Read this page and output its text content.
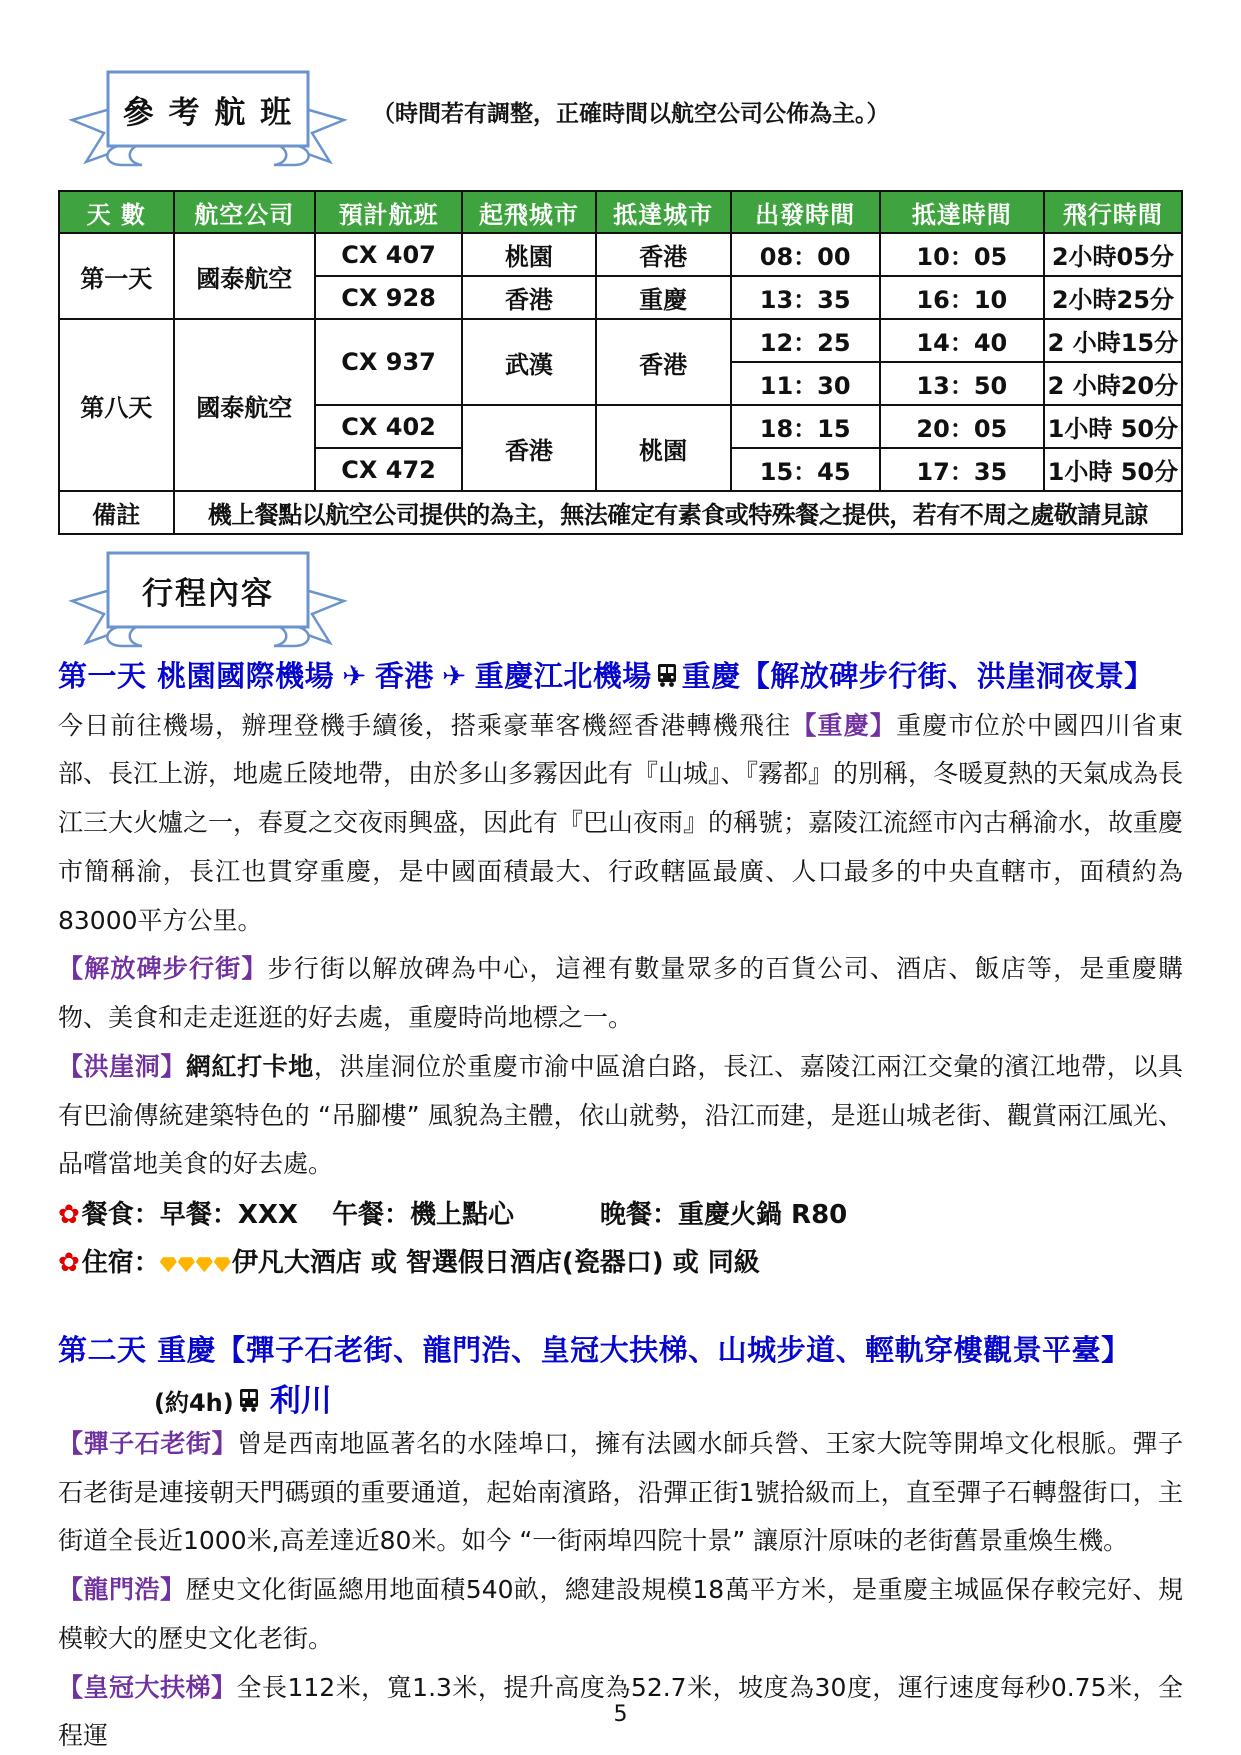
參 考 航 班	（時間若有調整，正確時間以航空公司公佈為主。）
天 數	航空公司	預計航班	起飛城市	抵達城市	出發時間	抵達時間	飛行時間
第一天	國泰航空	CX 407	桃園	香港	08：00	10：05	2小時05分
		CX 928	香港	重慶	13：35	16：10	2小時25分
第八天	國泰航空	CX 937	武漢	香港	12：25	14：40	2 小時15分
					11：30	13：50	2 小時20分
		CX 402	香港	桃園	18：15	20：05	1小時 50分
		CX 472			15：45	17：35	1小時 50分
備註	機上餐點以航空公司提供的為主，無法確定有素食或特殊餐之提供，若有不周之處敬請見諒						
行程內容
第一天 桃園國際機場 ✈ 香港 ✈ 重慶江北機場 重慶【解放碑步行街、洪崖洞夜景】

今日前往機場，辦理登機手續後，搭乘豪華客機經香港轉機飛往【重慶】重慶市位於中國四川省東部、長江上游，地處丘陵地帶，由於多山多霧因此有『山城』、『霧都』的別稱，冬暖夏熱的天氣成為長江三大火爐之一，春夏之交夜雨興盛，因此有『巴山夜雨』的稱號；嘉陵江流經市內古稱渝水，故重慶市簡稱渝，長江也貫穿重慶，是中國面積最大、行政轄區最廣、人口最多的中央直轄市，面積約為83000平方公里。

【解放碑步行街】步行街以解放碑為中心，這裡有數量眾多的百貨公司、酒店、飯店等，是重慶購物、美食和走走逛逛的好去處，重慶時尚地標之一。

【洪崖洞】網紅打卡地，洪崖洞位於重慶市渝中區滄白路，長江、嘉陵江兩江交彙的濱江地帶，以具有巴渝傳統建築特色的 “吊腳樓” 風貌為主體，依山就勢，沿江而建，是逛山城老街、觀賞兩江風光、品嚐當地美食的好去處。

✿餐食：早餐：XXX 午餐：機上點心	晚餐：重慶火鍋 R80
✿住宿：	伊凡大酒店 或 智選假日酒店(瓷器口) 或 同級
第二天 重慶【彈子石老街、龍門浩、皇冠大扶梯、山城步道、輕軌穿樓觀景平臺】
(約4h) 利川

【彈子石老街】曾是西南地區著名的水陸埠口，擁有法國水師兵營、王家大院等開埠文化根脈。彈子石老街是連接朝天門碼頭的重要通道，起始南濱路，沿彈正街1號拾級而上，直至彈子石轉盤街口，主街道全長近1000米,高差達近80米。如今 “一街兩埠四院十景” 讓原汁原味的老街舊景重煥生機。

【龍門浩】歷史文化街區總用地面積540畝，總建設規模18萬平方米，是重慶主城區保存較完好、規模較大的歷史文化老街。

【皇冠大扶梯】全長112米，寬1.3米，提升高度為52.7米，坡度為30度，運行速度每秒0.75米，全程運

5
